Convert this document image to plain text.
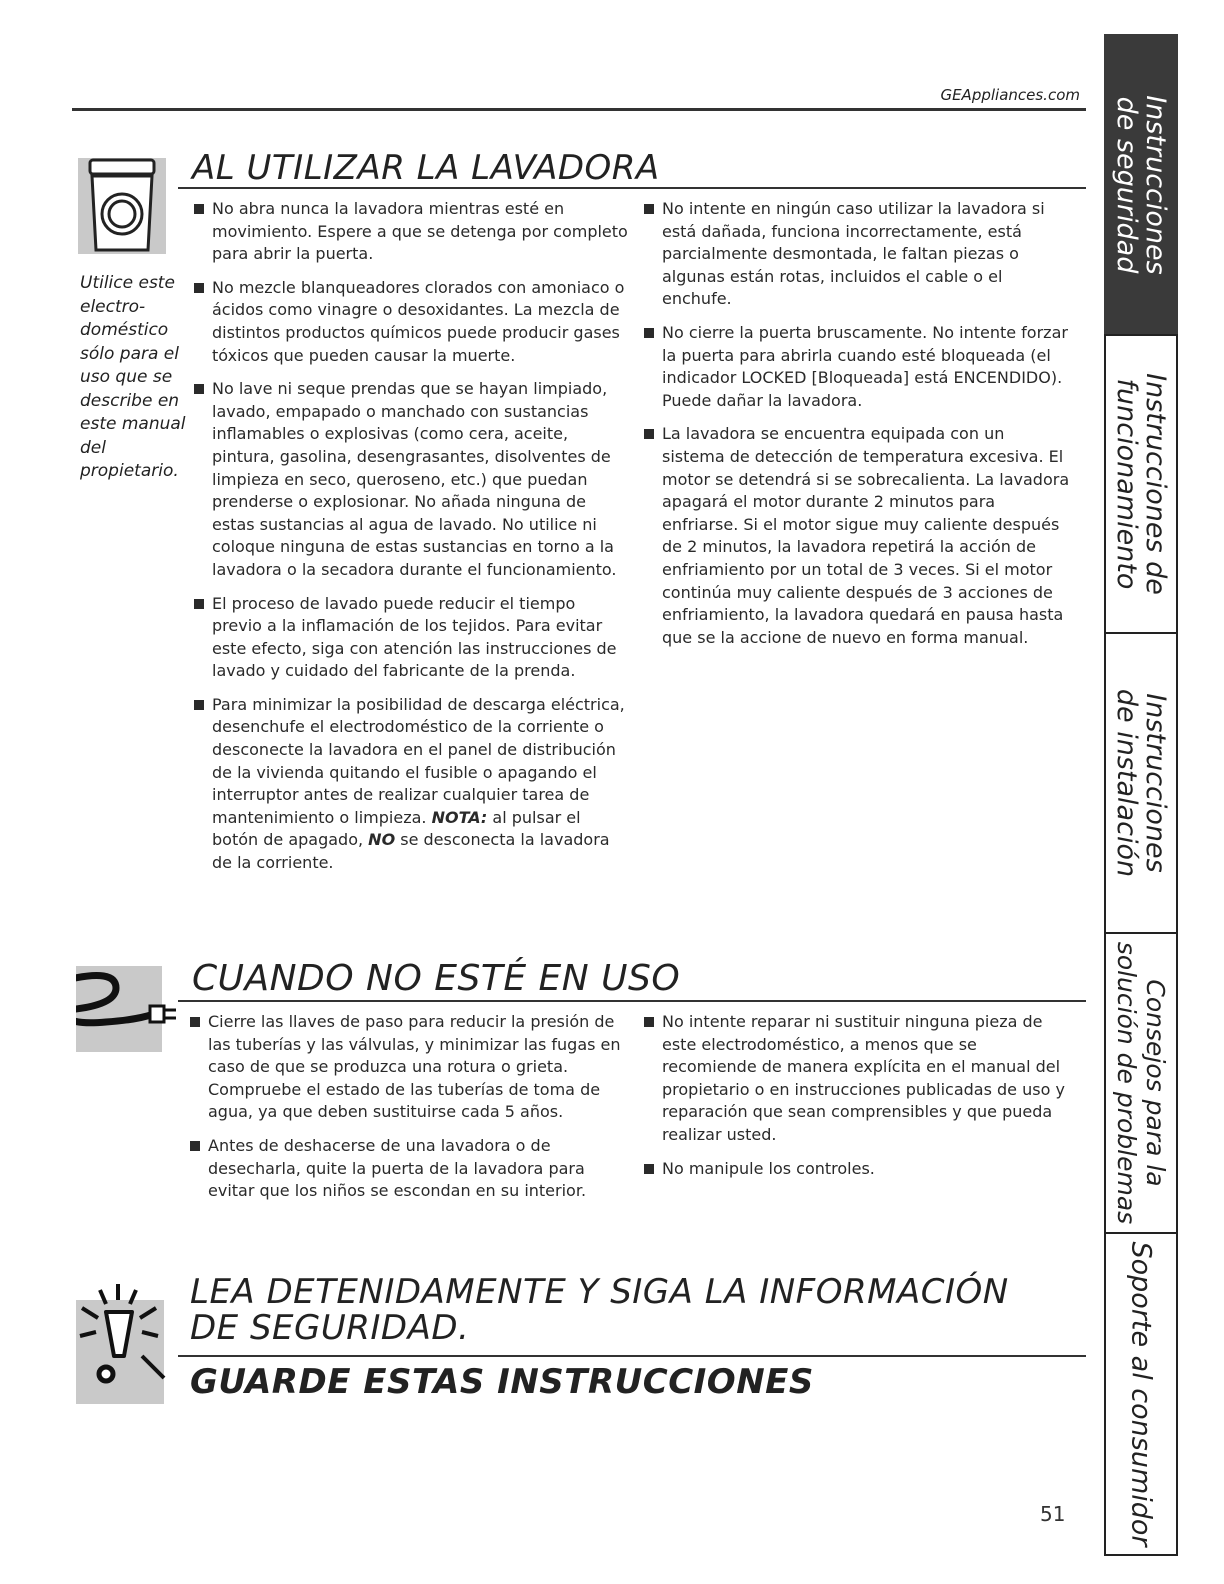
GEAppliances.com
AL UTILIZAR LA LAVADORA
Utilice este electro-doméstico sólo para el uso que se describe en este manual del propietario.
No abra nunca la lavadora mientras esté en movimiento. Espere a que se detenga por completo para abrir la puerta.
No mezcle blanqueadores clorados con amoniaco o ácidos como vinagre o desoxidantes. La mezcla de distintos productos químicos puede producir gases tóxicos que pueden causar la muerte.
No lave ni seque prendas que se hayan limpiado, lavado, empapado o manchado con sustancias inflamables o explosivas (como cera, aceite, pintura, gasolina, desengrasantes, disolventes de limpieza en seco, queroseno, etc.) que puedan prenderse o explosionar. No añada ninguna de estas sustancias al agua de lavado. No utilice ni coloque ninguna de estas sustancias en torno a la lavadora o la secadora durante el funcionamiento.
El proceso de lavado puede reducir el tiempo previo a la inflamación de los tejidos. Para evitar este efecto, siga con atención las instrucciones de lavado y cuidado del fabricante de la prenda.
Para minimizar la posibilidad de descarga eléctrica, desenchufe el electrodoméstico de la corriente o desconecte la lavadora en el panel de distribución de la vivienda quitando el fusible o apagando el interruptor antes de realizar cualquier tarea de mantenimiento o limpieza. NOTA: al pulsar el botón de apagado, NO se desconecta la lavadora de la corriente.
No intente en ningún caso utilizar la lavadora si está dañada, funciona incorrectamente, está parcialmente desmontada, le faltan piezas o algunas están rotas, incluidos el cable o el enchufe.
No cierre la puerta bruscamente. No intente forzar la puerta para abrirla cuando esté bloqueada (el indicador LOCKED [Bloqueada] está ENCENDIDO). Puede dañar la lavadora.
La lavadora se encuentra equipada con un sistema de detección de temperatura excesiva. El motor se detendrá si se sobrecalienta. La lavadora apagará el motor durante 2 minutos para enfriarse. Si el motor sigue muy caliente después de 2 minutos, la lavadora repetirá la acción de enfriamiento por un total de 3 veces. Si el motor continúa muy caliente después de 3 acciones de enfriamiento, la lavadora quedará en pausa hasta que se la accione de nuevo en forma manual.
CUANDO NO ESTÉ EN USO
Cierre las llaves de paso para reducir la presión de las tuberías y las válvulas, y minimizar las fugas en caso de que se produzca una rotura o grieta. Compruebe el estado de las tuberías de toma de agua, ya que deben sustituirse cada 5 años.
Antes de deshacerse de una lavadora o de desecharla, quite la puerta de la lavadora para evitar que los niños se escondan en su interior.
No intente reparar ni sustituir ninguna pieza de este electrodoméstico, a menos que se recomiende de manera explícita en el manual del propietario o en instrucciones publicadas de uso y reparación que sean comprensibles y que pueda realizar usted.
No manipule los controles.
LEA DETENIDAMENTE Y SIGA LA INFORMACIÓN
DE SEGURIDAD.
GUARDE ESTAS INSTRUCCIONES
Instrucciones
de seguridad
Instrucciones de
funcionamiento
Instrucciones
de instalación
Consejos para la
solución de problemas
Soporte al consumidor
51
